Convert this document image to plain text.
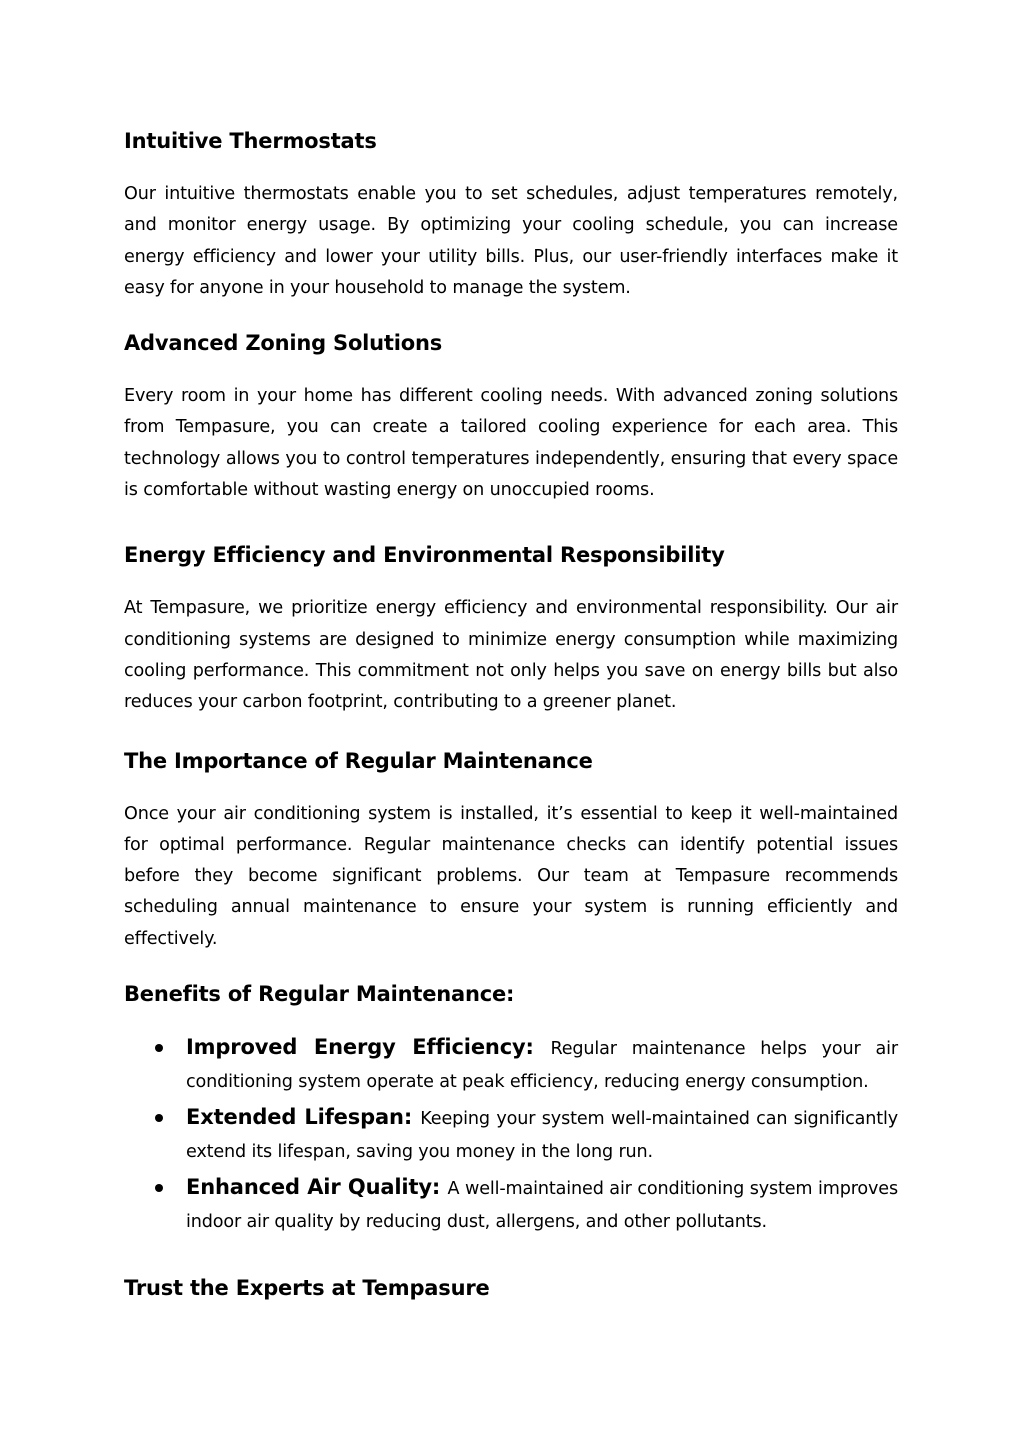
Intuitive Thermostats

Our intuitive thermostats enable you to set schedules, adjust temperatures remotely, and monitor energy usage. By optimizing your cooling schedule, you can increase energy efficiency and lower your utility bills. Plus, our user-friendly interfaces make it easy for anyone in your household to manage the system.

Advanced Zoning Solutions

Every room in your home has different cooling needs. With advanced zoning solutions from Tempasure, you can create a tailored cooling experience for each area. This technology allows you to control temperatures independently, ensuring that every space is comfortable without wasting energy on unoccupied rooms.

Energy Efficiency and Environmental Responsibility

At Tempasure, we prioritize energy efficiency and environmental responsibility. Our air conditioning systems are designed to minimize energy consumption while maximizing cooling performance. This commitment not only helps you save on energy bills but also reduces your carbon footprint, contributing to a greener planet.

The Importance of Regular Maintenance

Once your air conditioning system is installed, it’s essential to keep it well-maintained for optimal performance. Regular maintenance checks can identify potential issues before they become significant problems. Our team at Tempasure recommends scheduling annual maintenance to ensure your system is running efficiently and effectively.

Benefits of Regular Maintenance:
Improved Energy Efficiency: Regular maintenance helps your air conditioning system operate at peak efficiency, reducing energy consumption.
Extended Lifespan: Keeping your system well-maintained can significantly extend its lifespan, saving you money in the long run.
Enhanced Air Quality: A well-maintained air conditioning system improves indoor air quality by reducing dust, allergens, and other pollutants.
Trust the Experts at Tempasure
